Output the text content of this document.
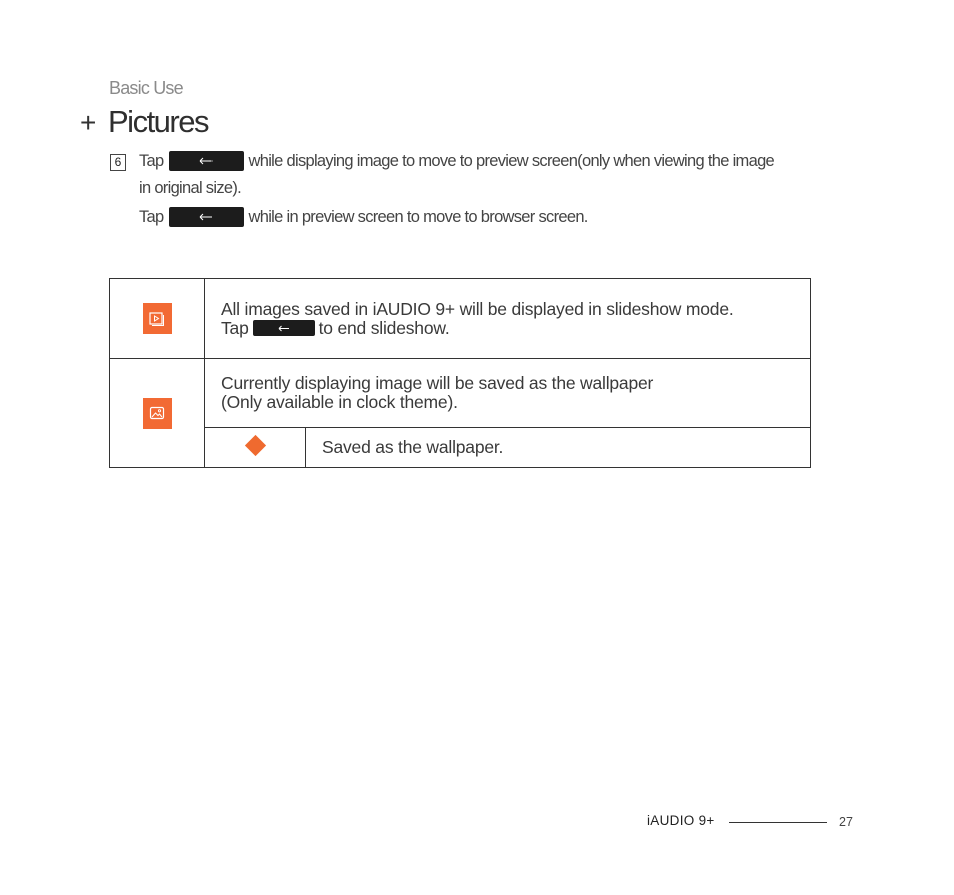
Basic Use
+ Pictures
6 Tap	while displaying image to move to preview screen(only when viewing the image
in original size).
Tap	while in preview screen to move to browser screen.

All images saved in iAUDIO 9+ will be displayed in slideshow mode.
Tap to end slideshow.	

Currently displaying image will be saved as the wallpaper
(Only available in clock theme).	

		Saved as the wallpaper.
iAUDIO 9+	27
